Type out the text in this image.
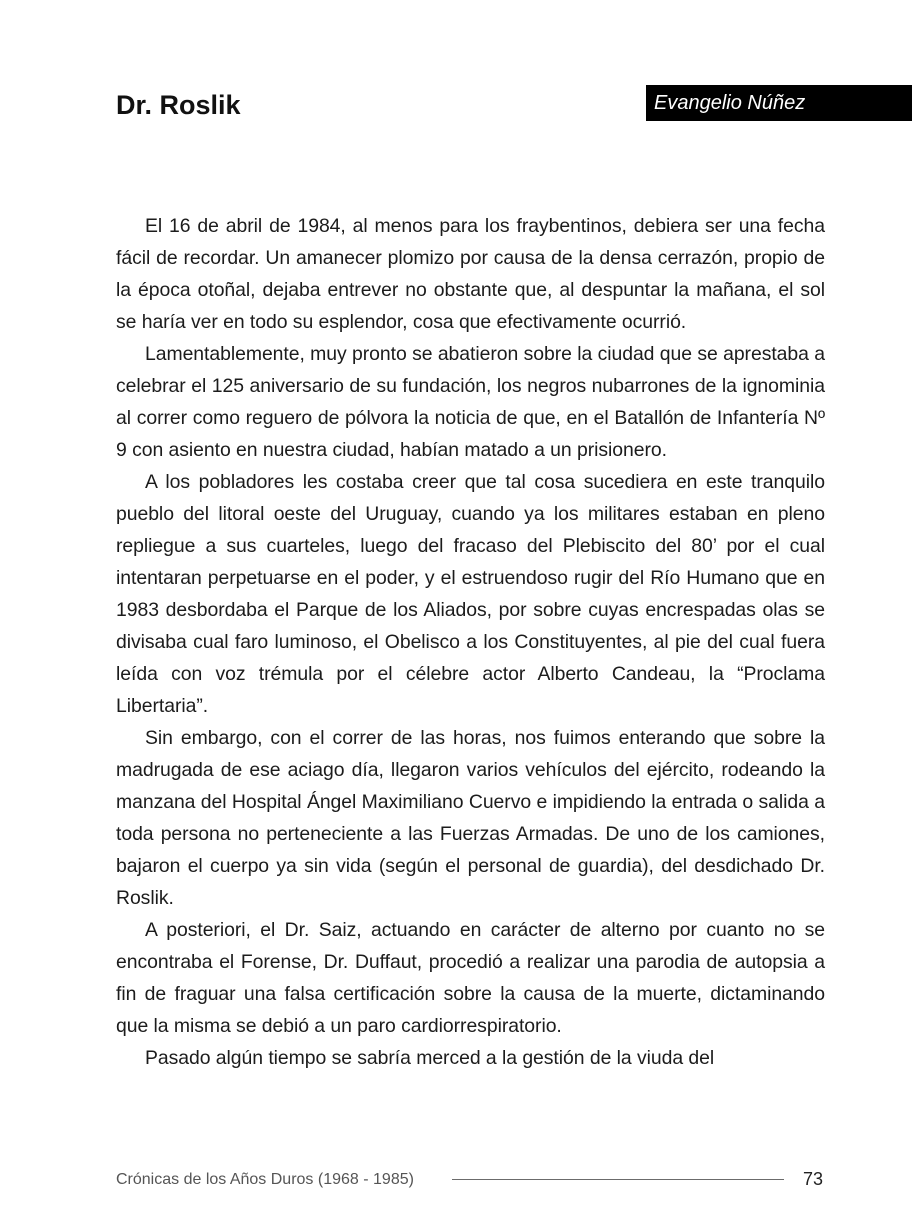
Dr. Roslik	Evangelio Núñez

El 16 de abril de 1984, al menos para los fraybentinos, debiera ser una fecha fácil de recordar. Un amanecer plomizo por causa de la densa cerrazón, propio de la época otoñal, dejaba entrever no obstante que, al despuntar la mañana, el sol se haría ver en todo su esplendor, cosa que efectivamente ocurrió.

Lamentablemente, muy pronto se abatieron sobre la ciudad que se aprestaba a celebrar el 125 aniversario de su fundación, los negros nubarrones de la ignominia al correr como reguero de pólvora la noticia de que, en el Batallón de Infantería Nº 9 con asiento en nuestra ciudad, habían matado a un prisionero.

A los pobladores les costaba creer que tal cosa sucediera en este tranquilo pueblo del litoral oeste del Uruguay, cuando ya los militares estaban en pleno repliegue a sus cuarteles, luego del fracaso del Plebiscito del 80’ por el cual intentaran perpetuarse en el poder, y el estruendoso rugir del Río Humano que en 1983 desbordaba el Parque de los Aliados, por sobre cuyas encrespadas olas se divisaba cual faro luminoso, el Obelisco a los Constituyentes, al pie del cual fuera leída con voz trémula por el célebre actor Alberto Candeau, la “Proclama Libertaria”.

Sin embargo, con el correr de las horas, nos fuimos enterando que sobre la madrugada de ese aciago día, llegaron varios vehículos del ejército, rodeando la manzana del Hospital Ángel Maximiliano Cuervo e impidiendo la entrada o salida a toda persona no perteneciente a las Fuerzas Armadas. De uno de los camiones, bajaron el cuerpo ya sin vida (según el personal de guardia), del desdichado Dr. Roslik.

A posteriori, el Dr. Saiz, actuando en carácter de alterno por cuanto no se encontraba el Forense, Dr. Duffaut, procedió a realizar una parodia de autopsia a fin de fraguar una falsa certificación sobre la causa de la muerte, dictaminando que la misma se debió a un paro cardiorrespiratorio.

Pasado algún tiempo se sabría merced a la gestión de la viuda del

Crónicas de los Años Duros (1968 - 1985)	73
